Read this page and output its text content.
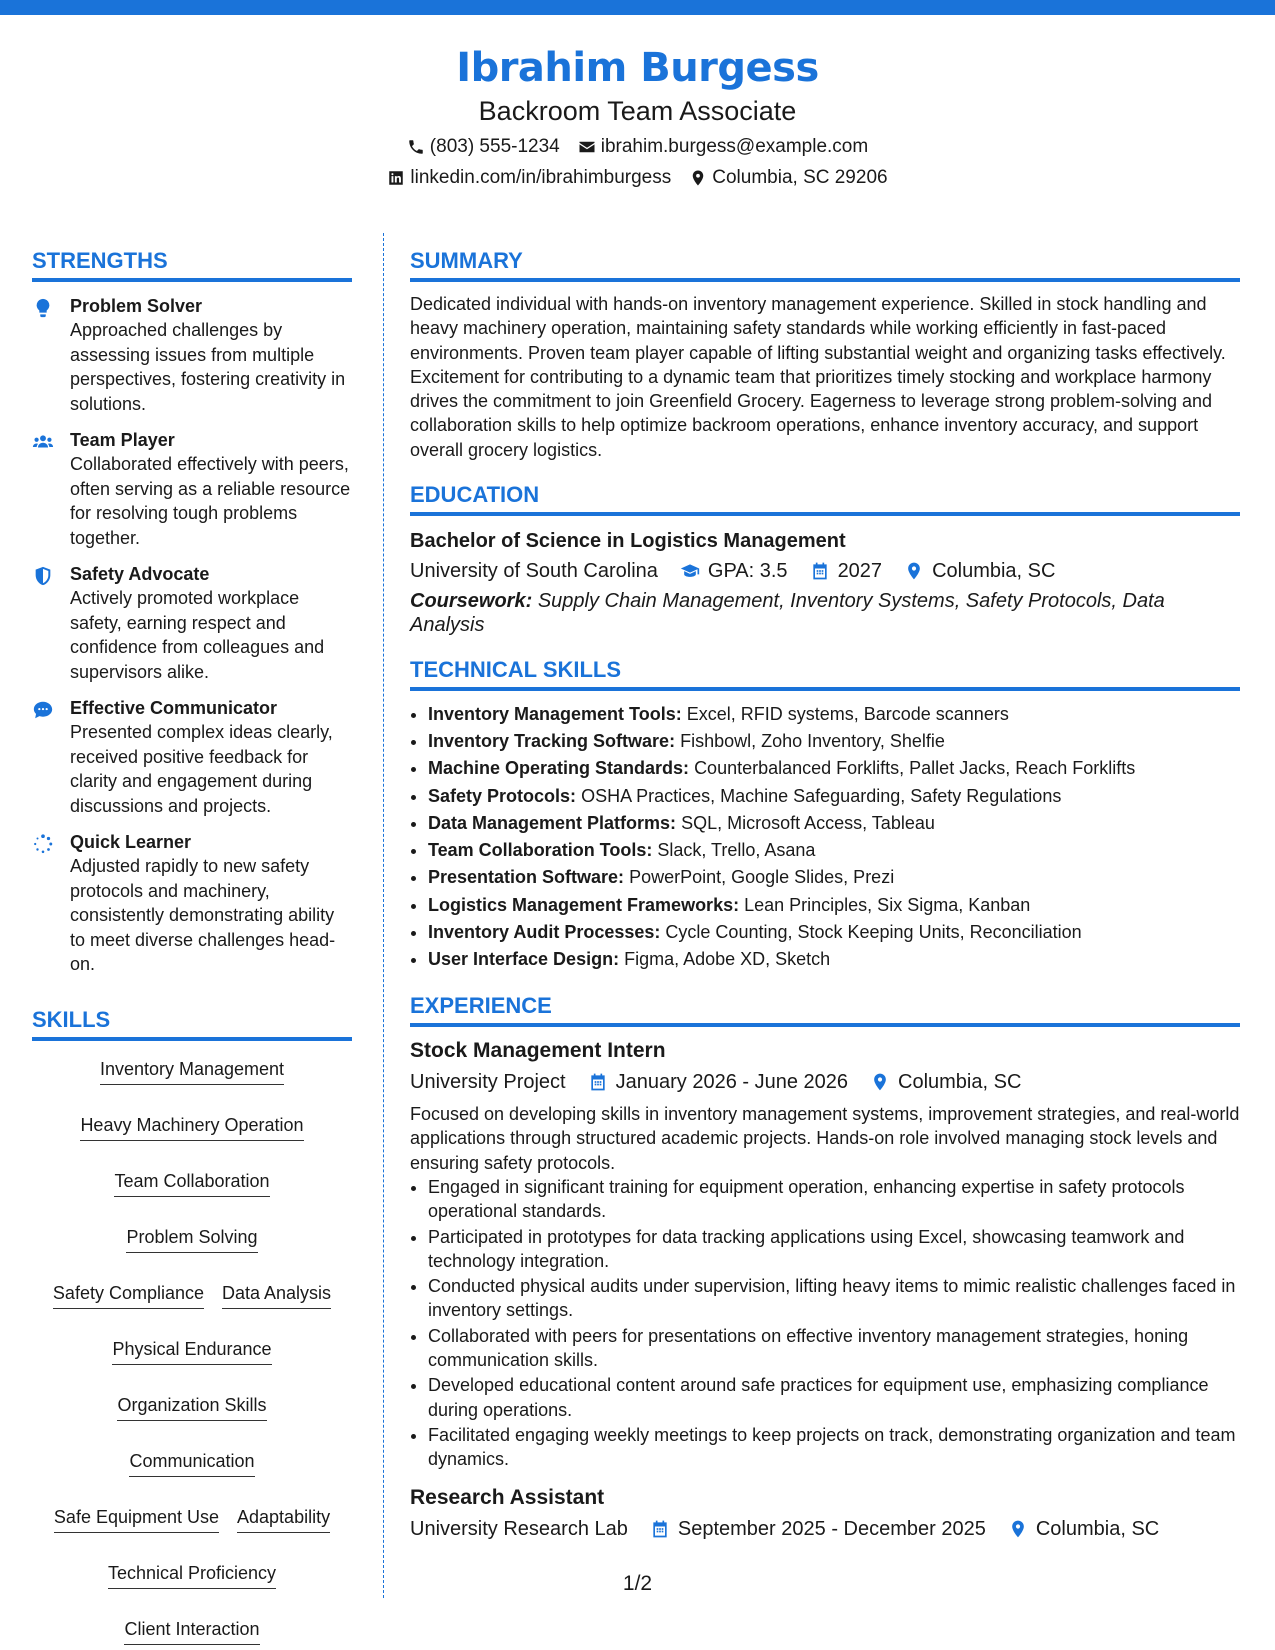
Ibrahim Burgess
Backroom Team Associate
(803) 555-1234 ibrahim.burgess@example.com
linkedin.com/in/ibrahimburgess Columbia, SC 29206
STRENGTHS
Problem Solver
Approached challenges by assessing issues from multiple perspectives, fostering creativity in solutions.
Team Player
Collaborated effectively with peers, often serving as a reliable resource for resolving tough problems together.
Safety Advocate
Actively promoted workplace safety, earning respect and confidence from colleagues and supervisors alike.
Effective Communicator
Presented complex ideas clearly, received positive feedback for clarity and engagement during discussions and projects.
Quick Learner
Adjusted rapidly to new safety protocols and machinery, consistently demonstrating ability to meet diverse challenges head-on.
SKILLS
Inventory Management
Heavy Machinery Operation
Team Collaboration
Problem Solving
Safety Compliance Data Analysis
Physical Endurance
Organization Skills
Communication
Safe Equipment Use Adaptability
Technical Proficiency
Client Interaction
SUMMARY
Dedicated individual with hands-on inventory management experience. Skilled in stock handling and heavy machinery operation, maintaining safety standards while working efficiently in fast-paced environments. Proven team player capable of lifting substantial weight and organizing tasks effectively. Excitement for contributing to a dynamic team that prioritizes timely stocking and workplace harmony drives the commitment to join Greenfield Grocery. Eagerness to leverage strong problem-solving and collaboration skills to help optimize backroom operations, enhance inventory accuracy, and support overall grocery logistics.
EDUCATION
Bachelor of Science in Logistics Management
University of South Carolina	GPA: 3.5	2027	Columbia, SC
Coursework: Supply Chain Management, Inventory Systems, Safety Protocols, Data Analysis
TECHNICAL SKILLS
• Inventory Management Tools: Excel, RFID systems, Barcode scanners
• Inventory Tracking Software: Fishbowl, Zoho Inventory, Shelfie
• Machine Operating Standards: Counterbalanced Forklifts, Pallet Jacks, Reach Forklifts
• Safety Protocols: OSHA Practices, Machine Safeguarding, Safety Regulations
• Data Management Platforms: SQL, Microsoft Access, Tableau
• Team Collaboration Tools: Slack, Trello, Asana
• Presentation Software: PowerPoint, Google Slides, Prezi
• Logistics Management Frameworks: Lean Principles, Six Sigma, Kanban
• Inventory Audit Processes: Cycle Counting, Stock Keeping Units, Reconciliation
• User Interface Design: Figma, Adobe XD, Sketch
EXPERIENCE
Stock Management Intern
University Project	January 2026 - June 2026	Columbia, SC
Focused on developing skills in inventory management systems, improvement strategies, and real-world applications through structured academic projects. Hands-on role involved managing stock levels and ensuring safety protocols.
• Engaged in significant training for equipment operation, enhancing expertise in safety protocols operational standards.
• Participated in prototypes for data tracking applications using Excel, showcasing teamwork and technology integration.
• Conducted physical audits under supervision, lifting heavy items to mimic realistic challenges faced in inventory settings.
• Collaborated with peers for presentations on effective inventory management strategies, honing communication skills.
• Developed educational content around safe practices for equipment use, emphasizing compliance during operations.
• Facilitated engaging weekly meetings to keep projects on track, demonstrating organization and team dynamics.
Research Assistant
University Research Lab	September 2025 - December 2025	Columbia, SC
1/2
